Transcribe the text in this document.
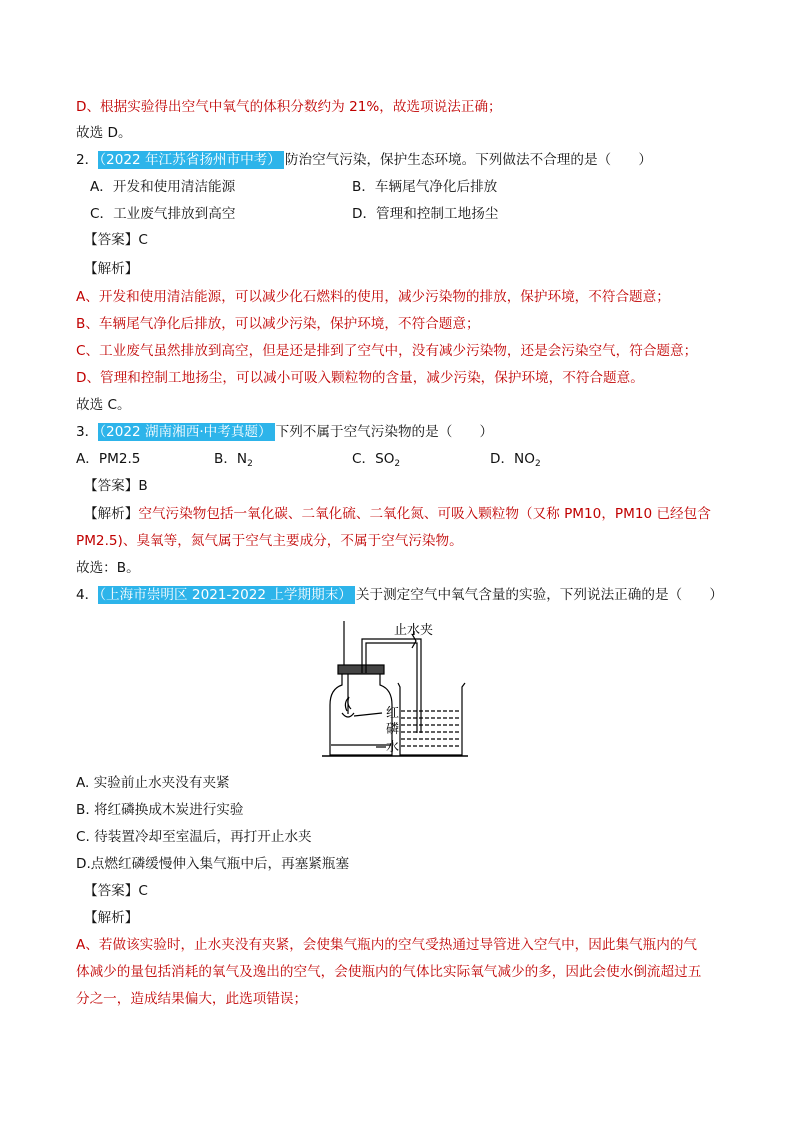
D、根据实验得出空气中氧气的体积分数约为 21%，故选项说法正确；
故选 D。
2．（2022 年江苏省扬州市中考） 防治空气污染，保护生态环境。下列做法不合理的是（　　）
A．开发和使用清洁能源	B．车辆尾气净化后排放
C．工业废气排放到高空	D．管理和控制工地扬尘
【答案】C
【解析】
A、开发和使用清洁能源，可以减少化石燃料的使用，减少污染物的排放，保护环境，不符合题意；
B、车辆尾气净化后排放，可以减少污染，保护环境，不符合题意；
C、工业废气虽然排放到高空，但是还是排到了空气中，没有减少污染物，还是会污染空气，符合题意；
D、管理和控制工地扬尘，可以减小可吸入颗粒物的含量，减少污染，保护环境，不符合题意。
故选 C。
3．（2022 湖南湘西·中考真题） 下列不属于空气污染物的是（　　）
A．PM2.5	B．$N_2$	C．$SO_2$	D．$NO_2$
【答案】B
【解析】空气污染物包括一氧化碳、二氧化硫、二氧化氮、可吸入颗粒物（又称 PM10，PM10 已经包含
PM2.5)、臭氧等，氮气属于空气主要成分，不属于空气污染物。
故选：B。
4．（上海市崇明区 2021-2022 上学期期末） 关于测定空气中氧气含量的实验，下列说法正确的是（　　）
止水夹
红
磷
水
A. 实验前止水夹没有夹紧
B. 将红磷换成木炭进行实验
C. 待装置冷却至室温后，再打开止水夹
D.点燃红磷缓慢伸入集气瓶中后，再塞紧瓶塞
【答案】C
【解析】
A、若做该实验时，止水夹没有夹紧，会使集气瓶内的空气受热通过导管进入空气中，因此集气瓶内的气
体减少的量包括消耗的氧气及逸出的空气，会使瓶内的气体比实际氧气减少的多，因此会使水倒流超过五
分之一，造成结果偏大，此选项错误；
